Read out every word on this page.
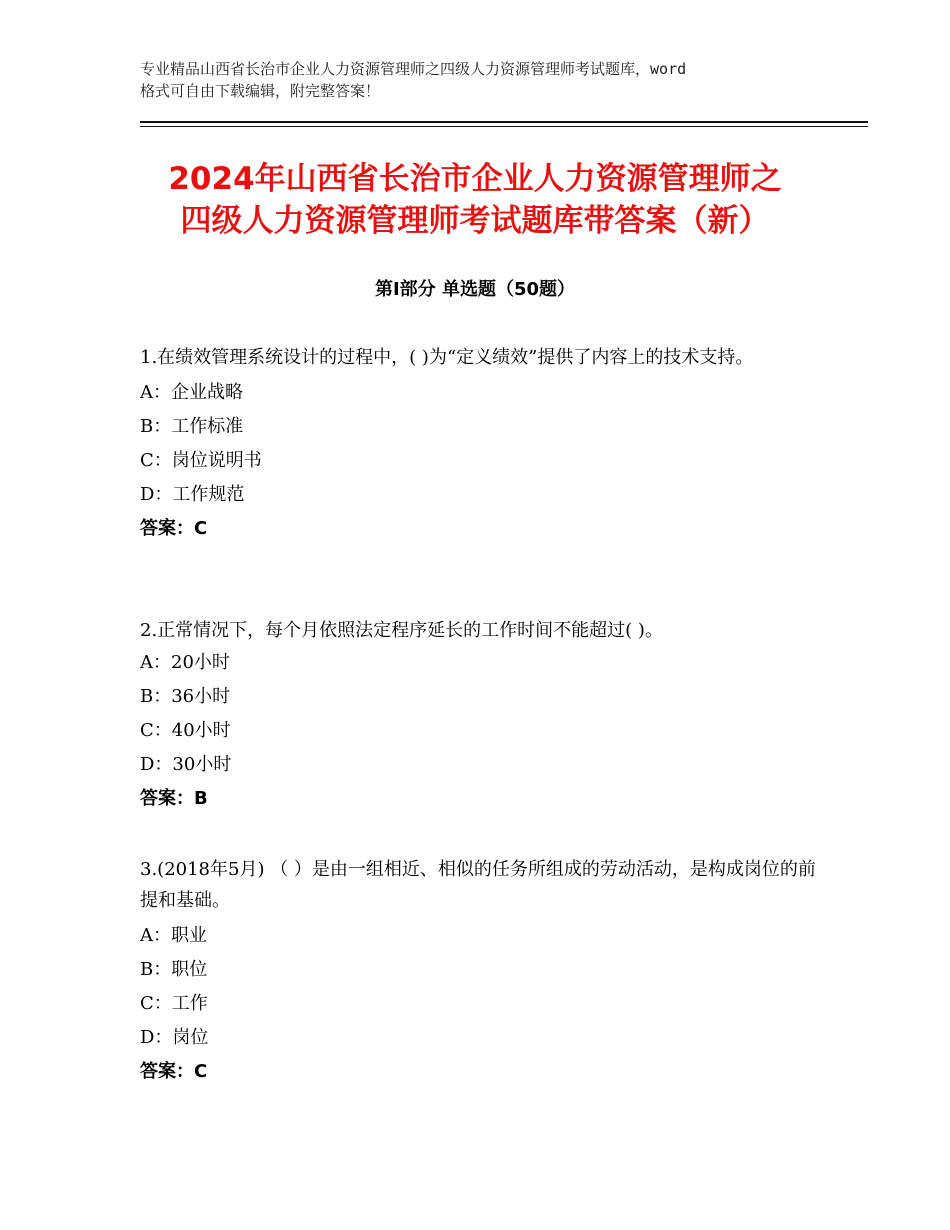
专业精品山西省长治市企业人力资源管理师之四级人力资源管理师考试题库，word
格式可自由下载编辑，附完整答案！
2024年山西省长治市企业人力资源管理师之
四级人力资源管理师考试题库带答案（新）
第Ⅰ部分 单选题（50题）

1.在绩效管理系统设计的过程中，( )为“定义绩效”提供了内容上的技术支持。

A：企业战略

B：工作标准

C：岗位说明书

D：工作规范

答案：C

2.正常情况下，每个月依照法定程序延长的工作时间不能超过( )。

A：20小时

B：36小时

C：40小时

D：30小时

答案：B

3.(2018年5月) （ ）是由一组相近、相似的任务所组成的劳动活动，是构成岗位的前提和基础。

A：职业

B：职位

C：工作

D：岗位

答案：C
